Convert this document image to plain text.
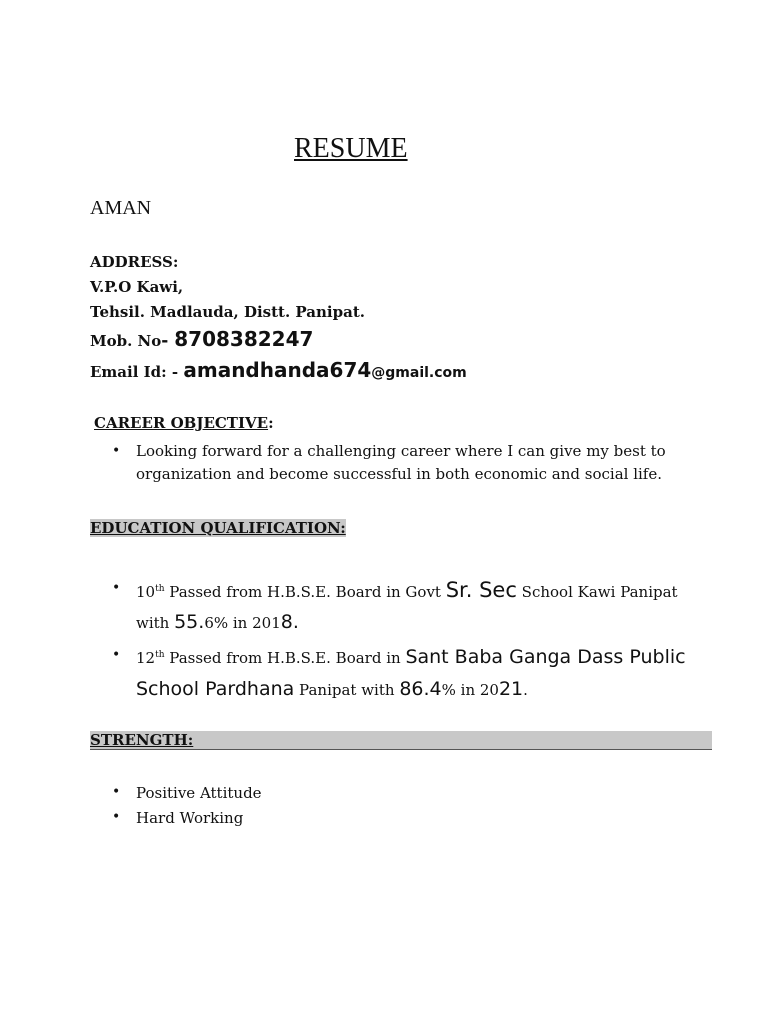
RESUME
AMAN
ADDRESS:
V.P.O Kawi,
Tehsil. Madlauda, Distt. Panipat.
Mob. No- 8708382247
Email Id: - amandhanda674@gmail.com
CAREER OBJECTIVE:
• Looking forward for a challenging career where I can give my best to
organization and become successful in both economic and social life.
EDUCATION QUALIFICATION:
• 10th Passed from H.B.S.E. Board in Govt Sr. Sec School Kawi Panipat
with 55.6% in 2018.
• 12th Passed from H.B.S.E. Board in Sant Baba Ganga Dass Public
School Pardhana Panipat with 86.4% in 2021.
STRENGTH:
• Positive Attitude
Hard Working
•
